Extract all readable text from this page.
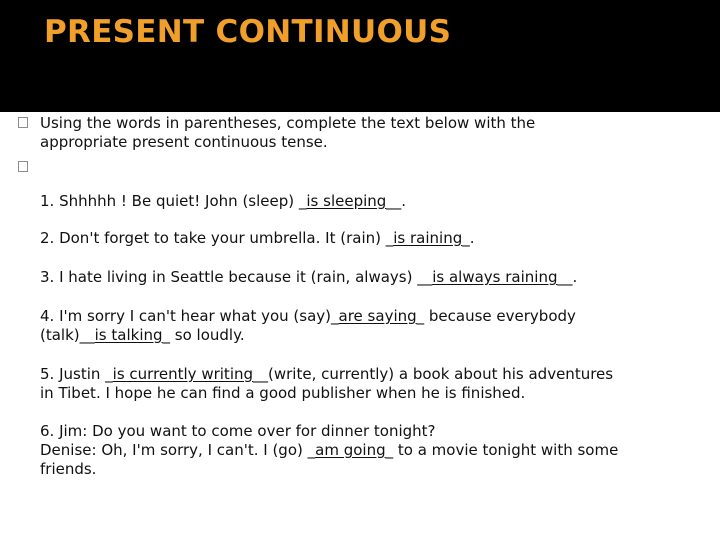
PRESENT CONTINUOUS
Using the words in parentheses, complete the text below with the
appropriate present continuous tense.
1. Shhhhh ! Be quiet! John (sleep) _is sleeping__.
2. Don't forget to take your umbrella. It (rain) _is raining_.
3. I hate living in Seattle because it (rain, always) __is always raining__.
4. I'm sorry I can't hear what you (say)_are saying_ because everybody
(talk)__is talking_ so loudly.
5. Justin _is currently writing__(write, currently) a book about his adventures
in Tibet. I hope he can find a good publisher when he is finished.
6. Jim: Do you want to come over for dinner tonight?
Denise: Oh, I'm sorry, I can't. I (go) _am going_ to a movie tonight with some
friends.
